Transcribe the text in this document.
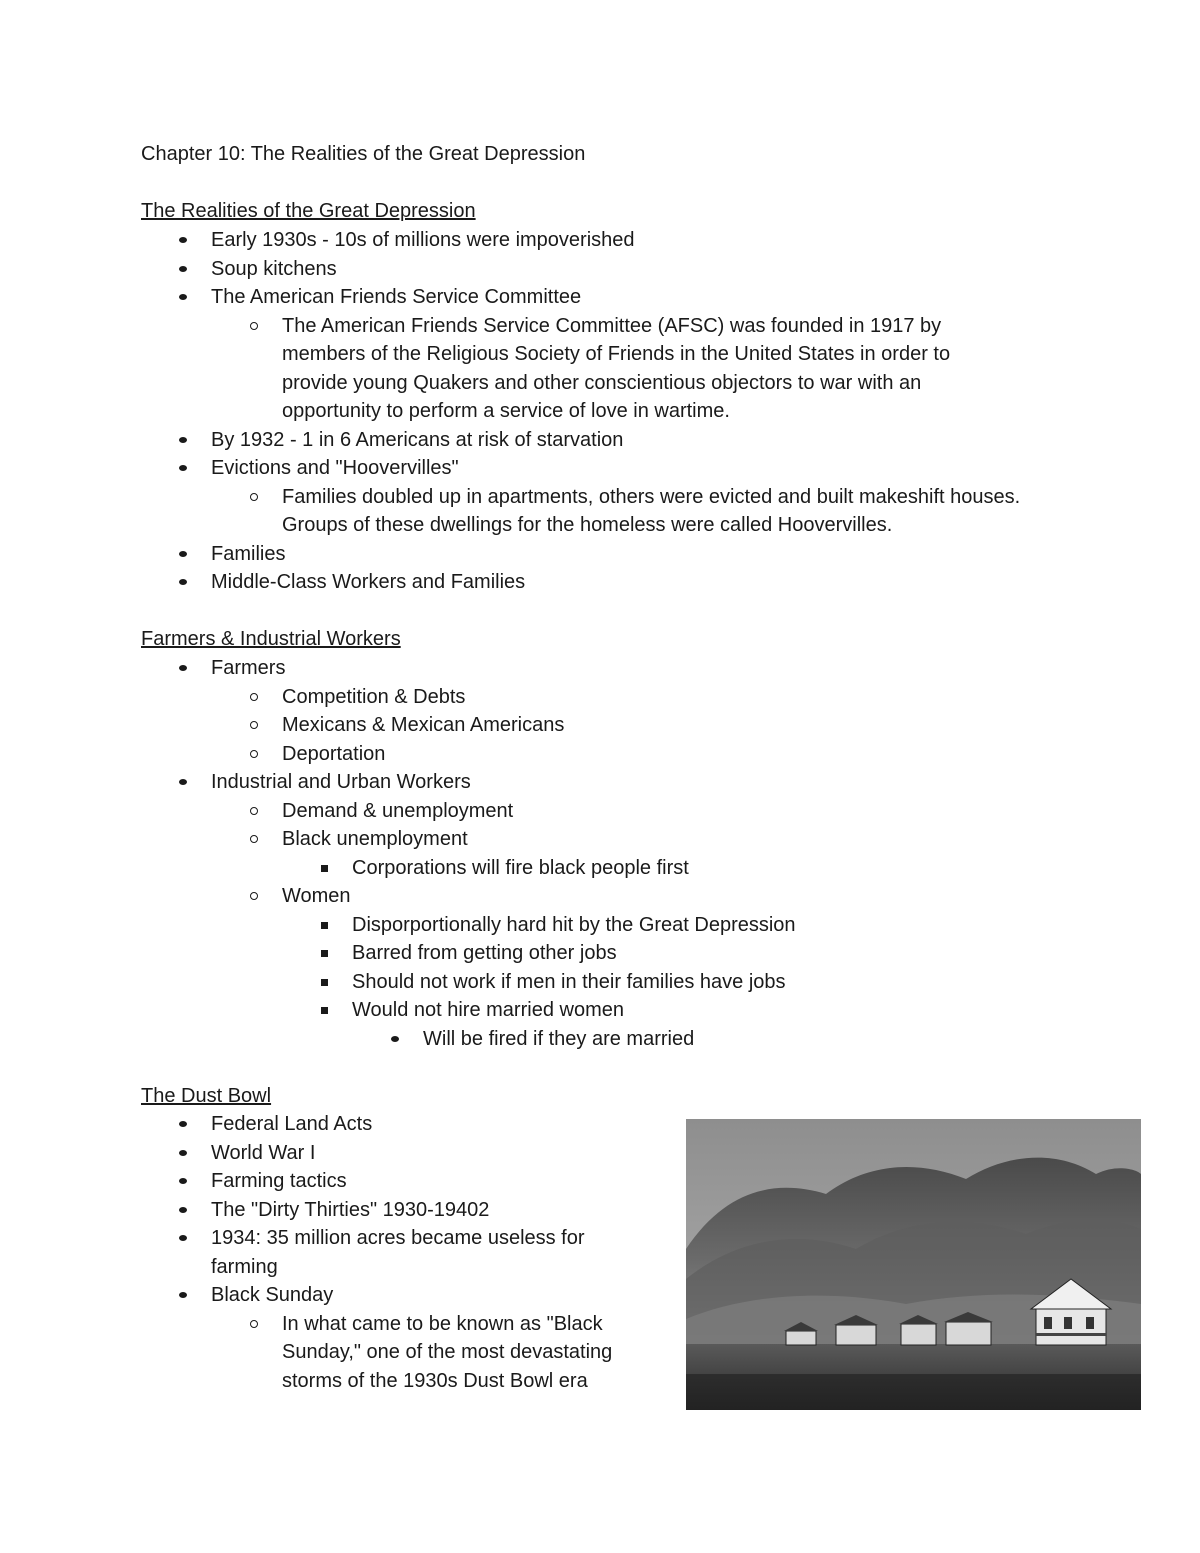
Chapter 10: The Realities of the Great Depression
The Realities of the Great Depression
Early 1930s - 10s of millions were impoverished
Soup kitchens
The American Friends Service Committee
The American Friends Service Committee (AFSC) was founded in 1917 by members of the Religious Society of Friends in the United States in order to provide young Quakers and other conscientious objectors to war with an opportunity to perform a service of love in wartime.
By 1932 - 1 in 6 Americans at risk of starvation
Evictions and "Hoovervilles"
Families doubled up in apartments, others were evicted and built makeshift houses. Groups of these dwellings for the homeless were called Hoovervilles.
Families
Middle-Class Workers and Families
Farmers & Industrial Workers
Farmers
Competition & Debts
Mexicans & Mexican Americans
Deportation
Industrial and Urban Workers
Demand & unemployment
Black unemployment
Corporations will fire black people first
Women
Disporportionally hard hit by the Great Depression
Barred from getting other jobs
Should not work if men in their families have jobs
Would not hire married women
Will be fired if they are married
The Dust Bowl
Federal Land Acts
World War I
Farming tactics
The "Dirty Thirties" 1930-19402
1934: 35 million acres became useless for farming
Black Sunday
In what came to be known as "Black Sunday," one of the most devastating storms of the 1930s Dust Bowl era
